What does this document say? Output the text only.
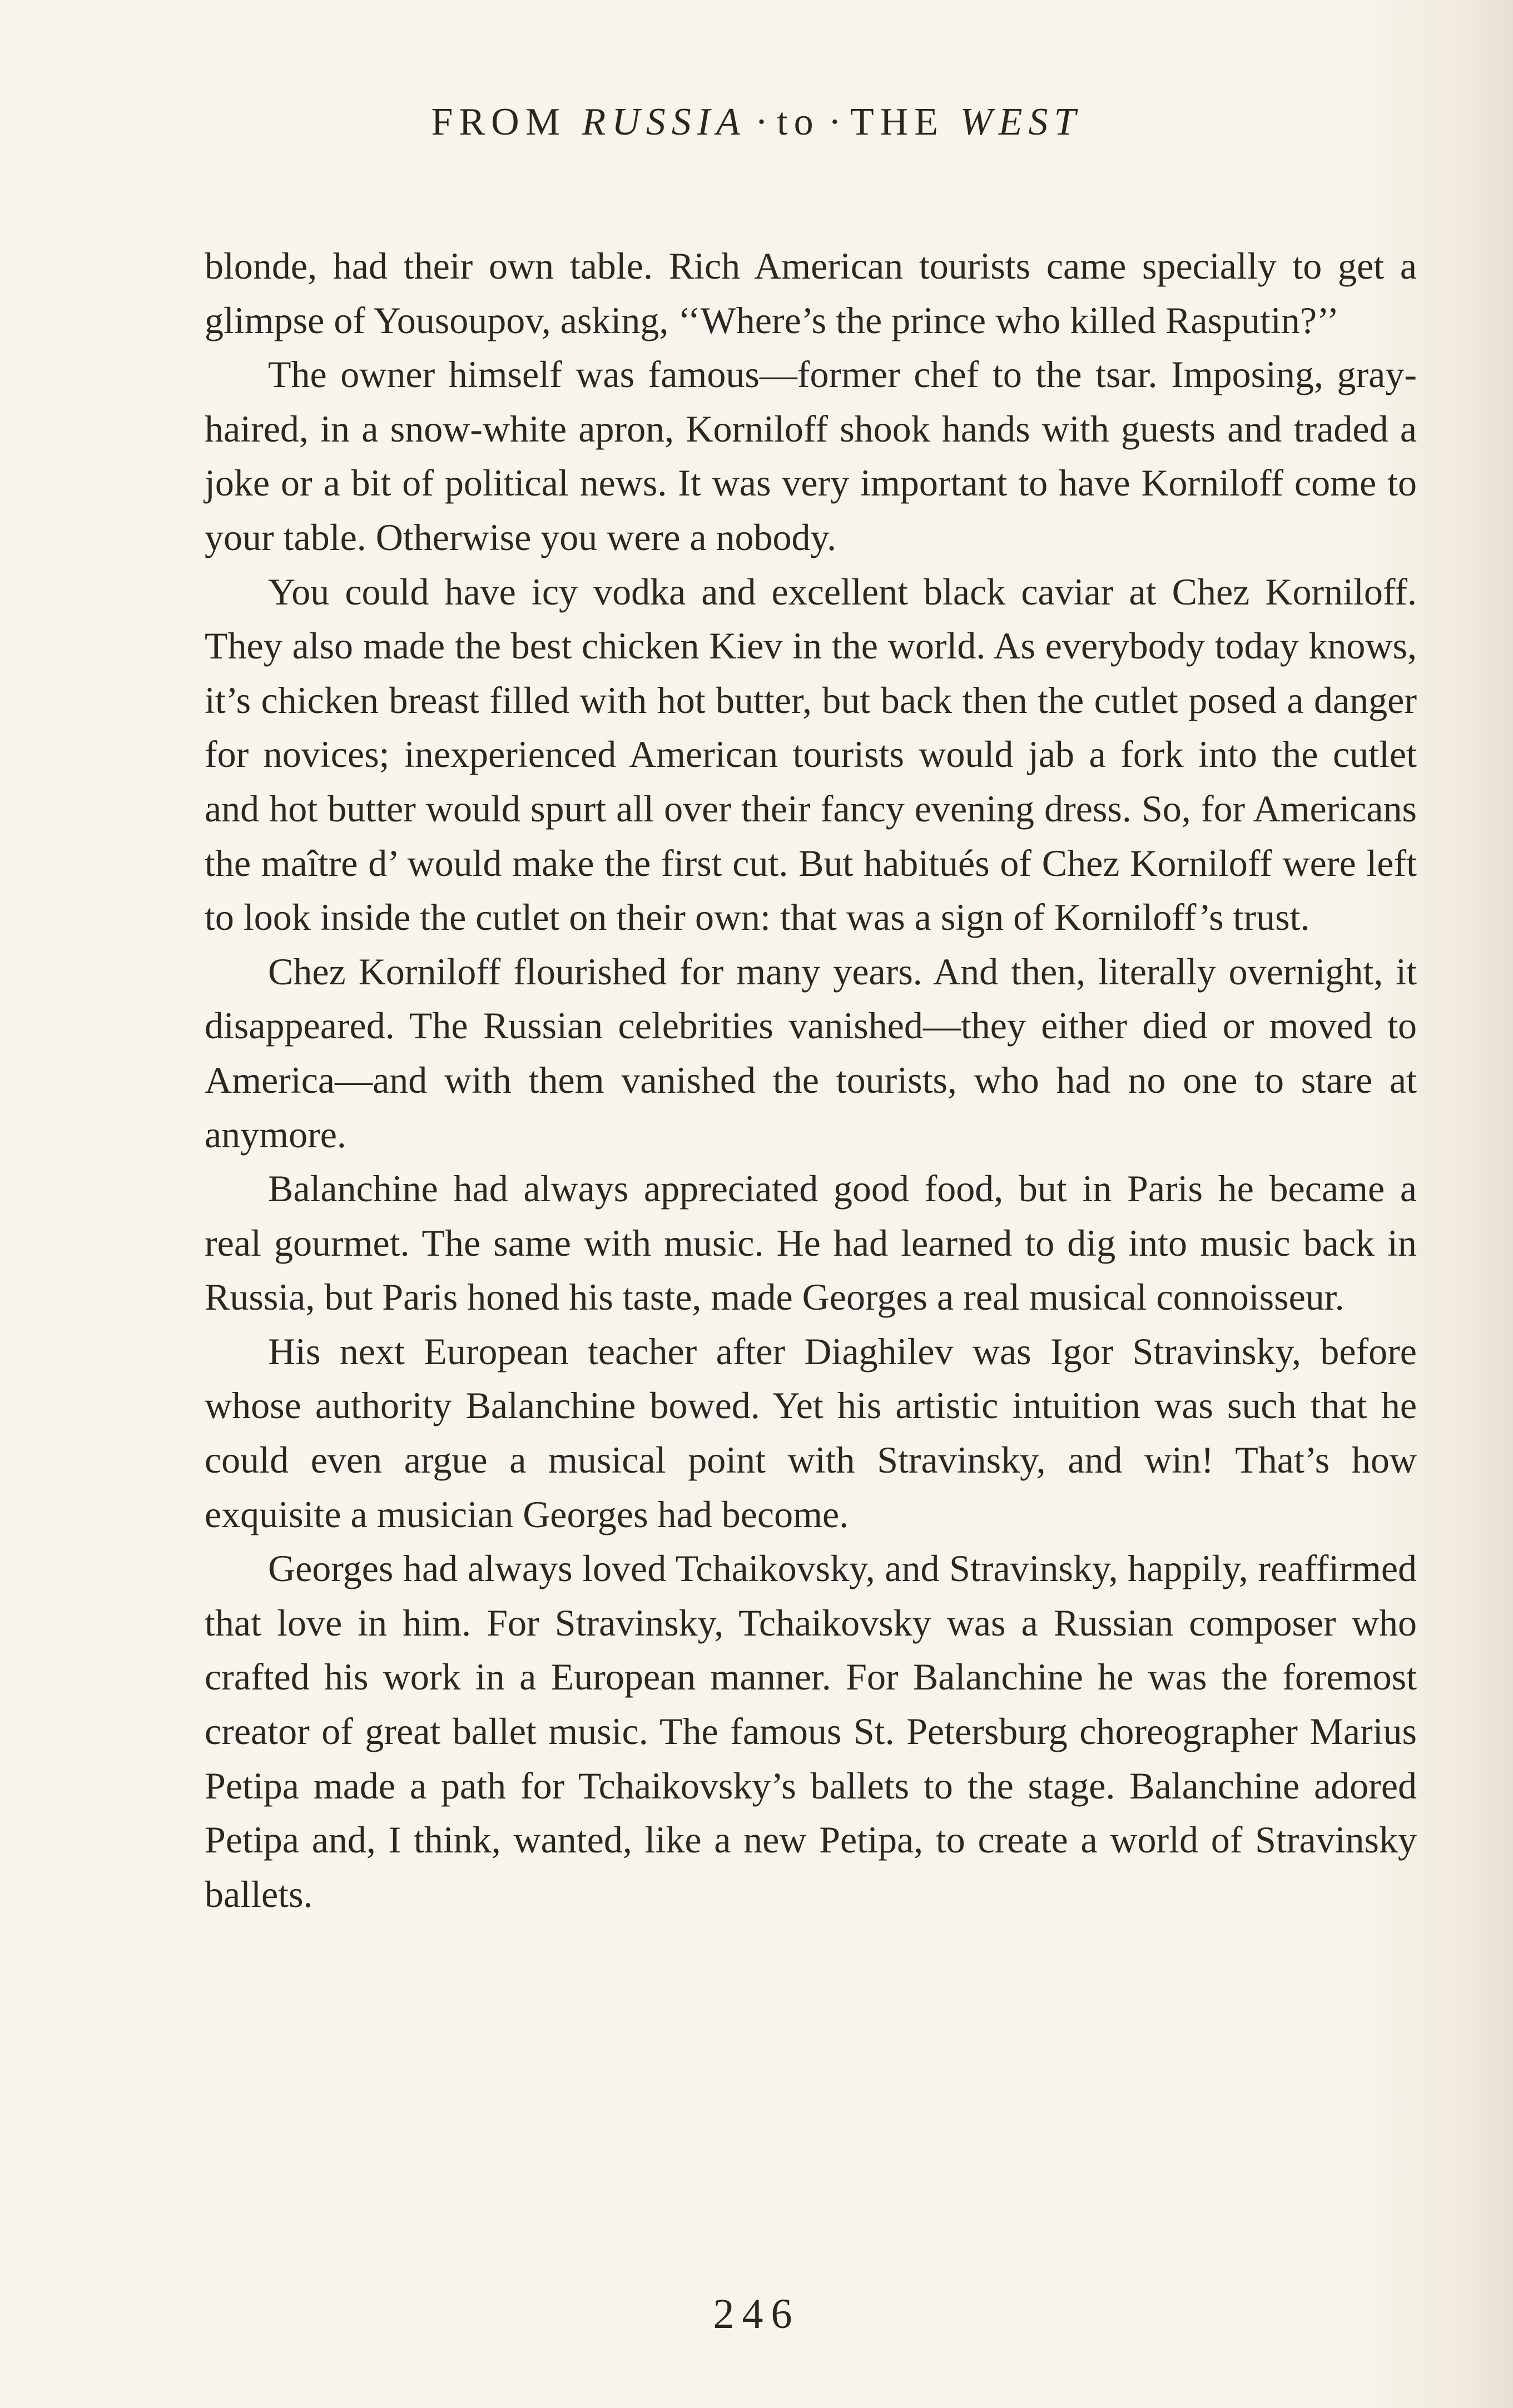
FROM RUSSIA · to · THE WEST

blonde, had their own table. Rich American tourists came specially to get a glimpse of Yousoupov, asking, ‘‘Where’s the prince who killed Rasputin?’’

The owner himself was famous—former chef to the tsar. Imposing, gray-haired, in a snow-white apron, Korniloff shook hands with guests and traded a joke or a bit of political news. It was very important to have Korniloff come to your table. Otherwise you were a nobody.

You could have icy vodka and excellent black caviar at Chez Korniloff. They also made the best chicken Kiev in the world. As everybody today knows, it’s chicken breast filled with hot butter, but back then the cutlet posed a danger for novices; inexperienced American tourists would jab a fork into the cutlet and hot butter would spurt all over their fancy evening dress. So, for Americans the maître d’ would make the first cut. But habitués of Chez Korniloff were left to look inside the cutlet on their own: that was a sign of Korniloff’s trust.

Chez Korniloff flourished for many years. And then, literally overnight, it disappeared. The Russian celebrities vanished—they either died or moved to America—and with them vanished the tourists, who had no one to stare at anymore.

Balanchine had always appreciated good food, but in Paris he became a real gourmet. The same with music. He had learned to dig into music back in Russia, but Paris honed his taste, made Georges a real musical connoisseur.

His next European teacher after Diaghilev was Igor Stravinsky, before whose authority Balanchine bowed. Yet his artistic intuition was such that he could even argue a musical point with Stravinsky, and win! That’s how exquisite a musician Georges had become.

Georges had always loved Tchaikovsky, and Stravinsky, happily, reaffirmed that love in him. For Stravinsky, Tchaikovsky was a Russian composer who crafted his work in a European manner. For Balanchine he was the foremost creator of great ballet music. The famous St. Petersburg choreographer Marius Petipa made a path for Tchaikovsky’s ballets to the stage. Balanchine adored Petipa and, I think, wanted, like a new Petipa, to create a world of Stravinsky ballets.

246
